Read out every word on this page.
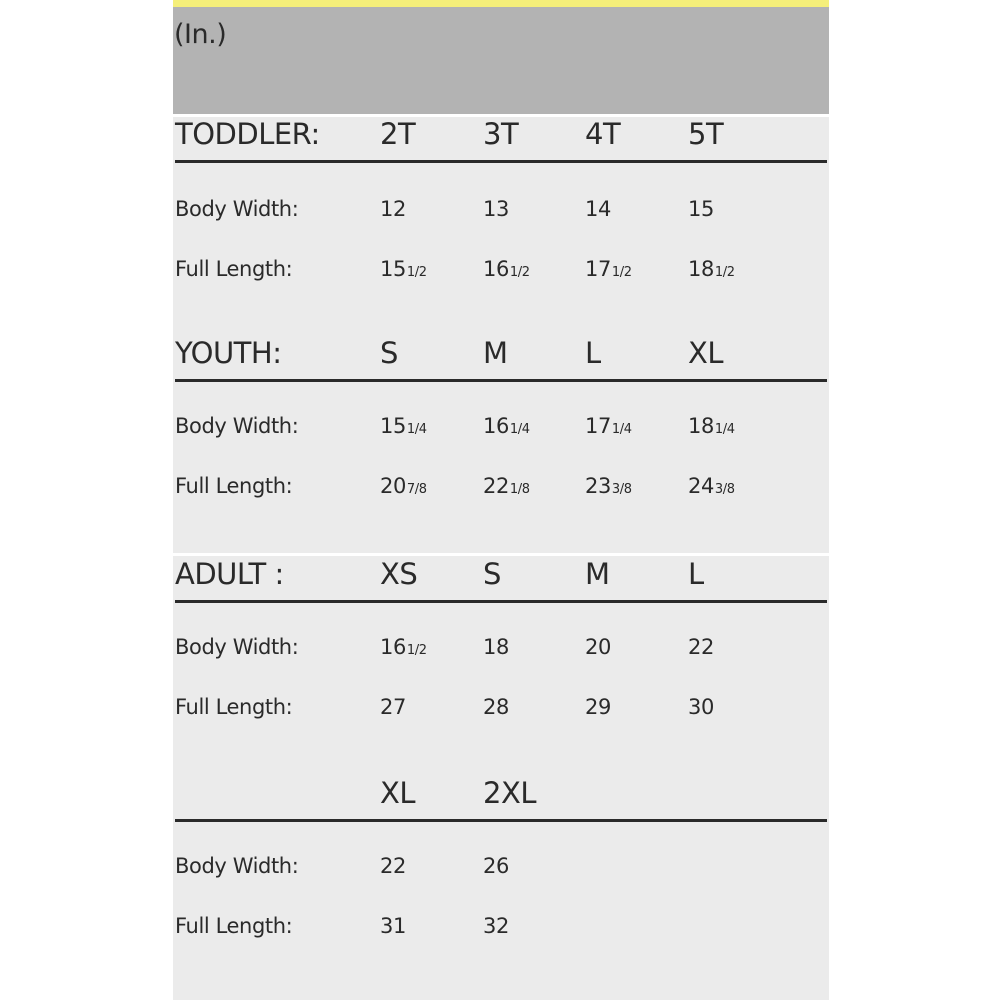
(In.)
TODDLER: 2T 3T 4T 5T
Body Width:	12	13	14	15
Full Length:	151/2	161/2	171/2	181/2
YOUTH:	S	M	L	XL
Body Width:	151/4	161/4	171/4	181/4
Full Length:	207/8	221/8	233/8	243/8
ADULT :	XS S	M	L
Body Width:	161/2	18	20	22
Full Length:	27	28	29	30
XL 2XL
Body Width:	22	26
Full Length:	31	32
